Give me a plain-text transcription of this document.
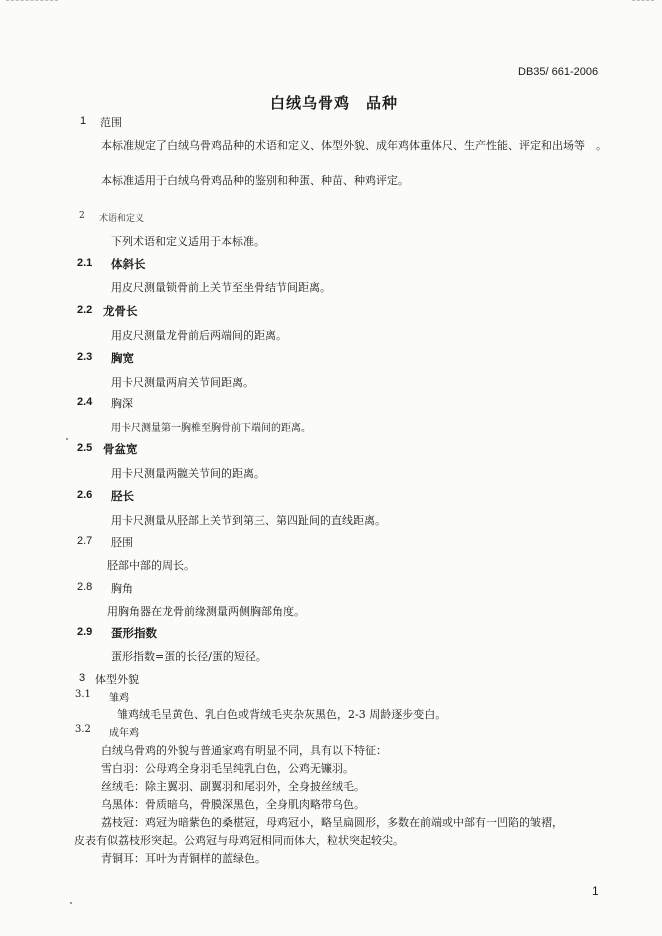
DB35/ 661-2006
白绒乌骨鸡　品种
1 范围
本标准规定了白绒乌骨鸡品种的术语和定义、体型外貌、成年鸡体重体尺、生产性能、评定和出场等　。
本标准适用于白绒乌骨鸡品种的鉴别和种蛋、种苗、种鸡评定。
2 术语和定义
下列术语和定义适用于本标准。
2.1 体斜长
用皮尺测量锁骨前上关节至坐骨结节间距离。
2.2 龙骨长
用皮尺测量龙骨前后两端间的距离。
2.3 胸宽
用卡尺测量两肩关节间距离。
2.4 胸深
用卡尺测量第一胸椎至胸骨前下端间的距离。
2.5 骨盆宽
用卡尺测量两髋关节间的距离。
2.6 胫长
用卡尺测量从胫部上关节到第三、第四趾间的直线距离。
2.7 胫围
胫部中部的周长。
2.8 胸角
用胸角器在龙骨前缘测量两侧胸部角度。
2.9 蛋形指数
蛋形指数=蛋的长径/蛋的短径。
3 体型外貌
3.1 雏鸡
雏鸡绒毛呈黄色、乳白色或背绒毛夹杂灰黑色，2-3 周龄逐步变白。
3.2 成年鸡
白绒乌骨鸡的外貌与普通家鸡有明显不同，具有以下特征：
雪白羽：公母鸡全身羽毛呈纯乳白色，公鸡无镰羽。
丝绒毛：除主翼羽、副翼羽和尾羽外，全身披丝绒毛。
乌黑体：骨质暗乌，骨膜深黑色，全身肌肉略带乌色。
荔枝冠：鸡冠为暗紫色的桑椹冠，母鸡冠小，略呈扁圆形，多数在前端或中部有一凹陷的皱褶，
皮表有似荔枝形突起。公鸡冠与母鸡冠相同而体大，粒状突起较尖。
青铜耳：耳叶为青铜样的蓝绿色。
1
